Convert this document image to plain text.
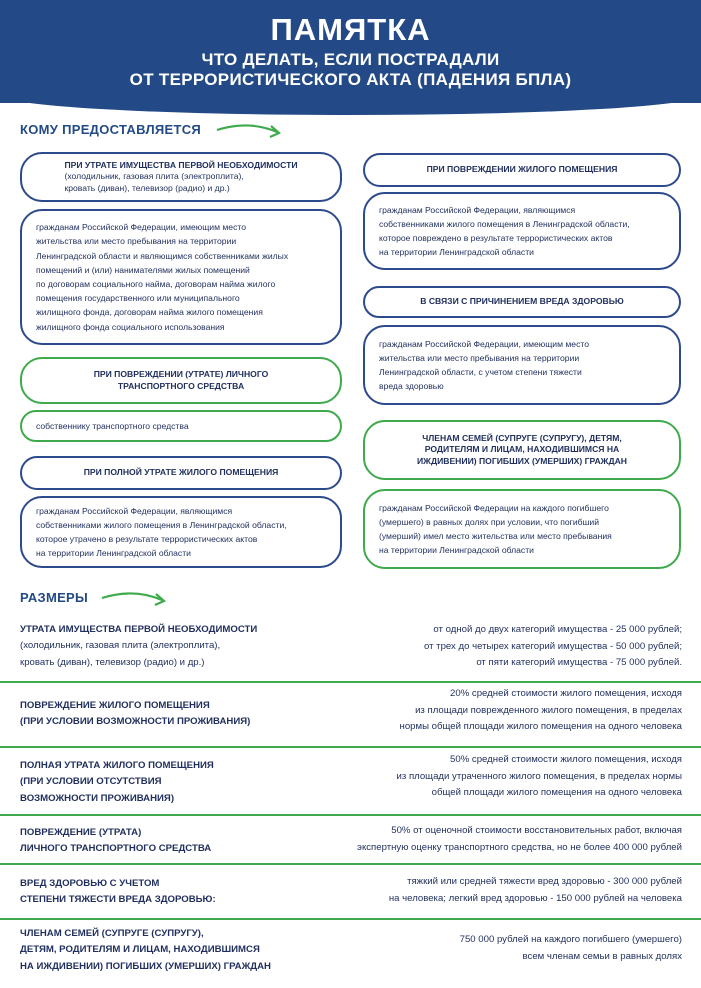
ПАМЯТКА
ЧТО ДЕЛАТЬ, ЕСЛИ ПОСТРАДАЛИ
ОТ ТЕРРОРИСТИЧЕСКОГО АКТА (ПАДЕНИЯ БПЛА)
КОМУ ПРЕДОСТАВЛЯЕТСЯ
ПРИ УТРАТЕ ИМУЩЕСТВА ПЕРВОЙ НЕОБХОДИМОСТИ
(холодильник, газовая плита (электроплита),
кровать (диван), телевизор (радио) и др.)
гражданам Российской Федерации, имеющим место
жительства или место пребывания на территории
Ленинградской области и являющимся собственниками жилых
помещений и (или) нанимателями жилых помещений
по договорам социального найма, договорам найма жилого
помещения государственного или муниципального
жилищного фонда, договорам найма жилого помещения
жилищного фонда социального использования
ПРИ ПОВРЕЖДЕНИИ (УТРАТЕ) ЛИЧНОГО
ТРАНСПОРТНОГО СРЕДСТВА
собственнику транспортного средства
ПРИ ПОЛНОЙ УТРАТЕ ЖИЛОГО ПОМЕЩЕНИЯ
гражданам Российской Федерации, являющимся
собственниками жилого помещения в Ленинградской области,
которое утрачено в результате террористических актов
на территории Ленинградской области
ПРИ ПОВРЕЖДЕНИИ ЖИЛОГО ПОМЕЩЕНИЯ
гражданам Российской Федерации, являющимся
собственниками жилого помещения в Ленинградской области,
которое повреждено в результате террористических актов
на территории Ленинградской области
В СВЯЗИ С ПРИЧИНЕНИЕМ ВРЕДА ЗДОРОВЬЮ
гражданам Российской Федерации, имеющим место
жительства или место пребывания на территории
Ленинградской области, с учетом степени тяжести
вреда здоровью
ЧЛЕНАМ СЕМЕЙ (СУПРУГЕ (СУПРУГУ), ДЕТЯМ,
РОДИТЕЛЯМ И ЛИЦАМ, НАХОДИВШИМСЯ НА
ИЖДИВЕНИИ) ПОГИБШИХ (УМЕРШИХ) ГРАЖДАН
гражданам Российской Федерации на каждого погибшего
(умершего) в равных долях при условии, что погибший
(умерший) имел место жительства или место пребывания
на территории Ленинградской области
РАЗМЕРЫ
УТРАТА ИМУЩЕСТВА ПЕРВОЙ НЕОБХОДИМОСТИ
(холодильник, газовая плита (электроплита),
кровать (диван), телевизор (радио) и др.)
от одной до двух категорий имущества - 25 000 рублей;
от трех до четырех категорий имущества - 50 000 рублей;
от пяти категорий имущества - 75 000 рублей.
ПОВРЕЖДЕНИЕ ЖИЛОГО ПОМЕЩЕНИЯ
(ПРИ УСЛОВИИ ВОЗМОЖНОСТИ ПРОЖИВАНИЯ)
20% средней стоимости жилого помещения, исходя
из площади поврежденного жилого помещения, в пределах
нормы общей площади жилого помещения на одного человека
ПОЛНАЯ УТРАТА ЖИЛОГО ПОМЕЩЕНИЯ
(ПРИ УСЛОВИИ ОТСУТСТВИЯ
ВОЗМОЖНОСТИ ПРОЖИВАНИЯ)
50% средней стоимости жилого помещения, исходя
из площади утраченного жилого помещения, в пределах нормы
общей площади жилого помещения на одного человека
ПОВРЕЖДЕНИЕ (УТРАТА)
ЛИЧНОГО ТРАНСПОРТНОГО СРЕДСТВА
50% от оценочной стоимости восстановительных работ, включая
экспертную оценку транспортного средства, но не более 400 000 рублей
ВРЕД ЗДОРОВЬЮ С УЧЕТОМ
СТЕПЕНИ ТЯЖЕСТИ ВРЕДА ЗДОРОВЬЮ:
тяжкий или средней тяжести вред здоровью - 300 000 рублей
на человека; легкий вред здоровью - 150 000 рублей на человека
ЧЛЕНАМ СЕМЕЙ (СУПРУГЕ (СУПРУГУ),
ДЕТЯМ, РОДИТЕЛЯМ И ЛИЦАМ, НАХОДИВШИМСЯ
НА ИЖДИВЕНИИ) ПОГИБШИХ (УМЕРШИХ) ГРАЖДАН
750 000 рублей на каждого погибшего (умершего)
всем членам семьи в равных долях
